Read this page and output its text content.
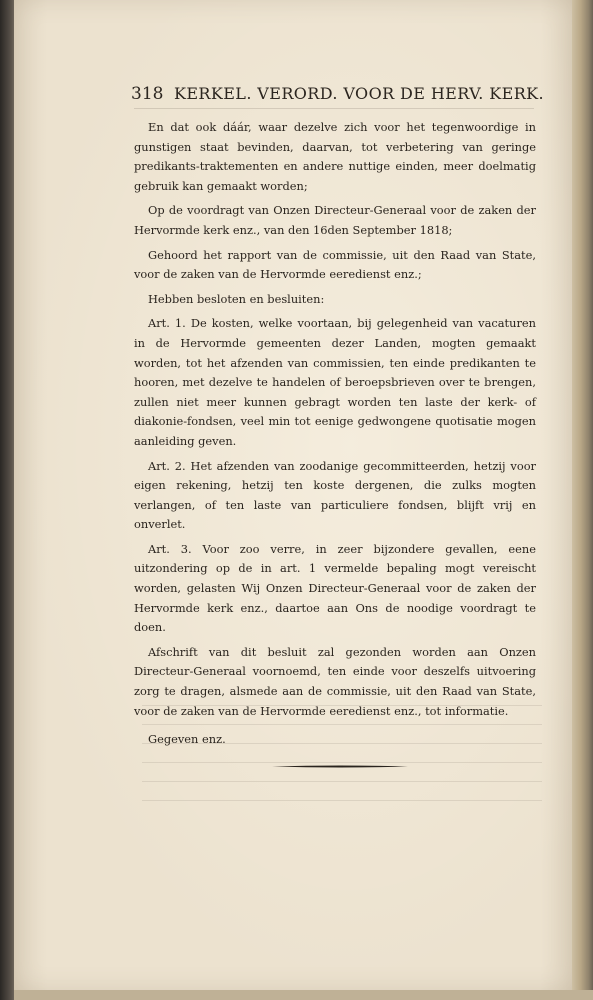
318 KERKEL. VERORD. VOOR DE HERV. KERK.

En dat ook dáár, waar dezelve zich voor het tegenwoordige in gunstigen staat bevinden, daarvan, tot verbetering van geringe predikants-traktementen en andere nuttige einden, meer doelmatig gebruik kan gemaakt worden;

Op de voordragt van Onzen Directeur-Generaal voor de zaken der Hervormde kerk enz., van den 16den September 1818;

Gehoord het rapport van de commissie, uit den Raad van State, voor de zaken van de Hervormde eeredienst enz.;

Hebben besloten en besluiten:

Art. 1. De kosten, welke voortaan, bij gelegenheid van vacaturen in de Hervormde gemeenten dezer Landen, mogten gemaakt worden, tot het afzenden van commissien, ten einde predikanten te hooren, met dezelve te handelen of beroepsbrieven over te brengen, zullen niet meer kunnen gebragt worden ten laste der kerk- of diakonie-fondsen, veel min tot eenige gedwongene quotisatie mogen aanleiding geven.

Art. 2. Het afzenden van zoodanige gecommitteerden, hetzij voor eigen rekening, hetzij ten koste dergenen, die zulks mogten verlangen, of ten laste van particuliere fondsen, blijft vrij en onverlet.

Art. 3. Voor zoo verre, in zeer bijzondere gevallen, eene uitzondering op de in art. 1 vermelde bepaling mogt vereischt worden, gelasten Wij Onzen Directeur-Generaal voor de zaken der Hervormde kerk enz., daartoe aan Ons de noodige voordragt te doen.

Afschrift van dit besluit zal gezonden worden aan Onzen Directeur-Generaal voornoemd, ten einde voor deszelfs uitvoering zorg te dragen, alsmede aan de commissie, uit den Raad van State, voor de zaken van de Hervormde eeredienst enz., tot informatie.

Gegeven enz.
